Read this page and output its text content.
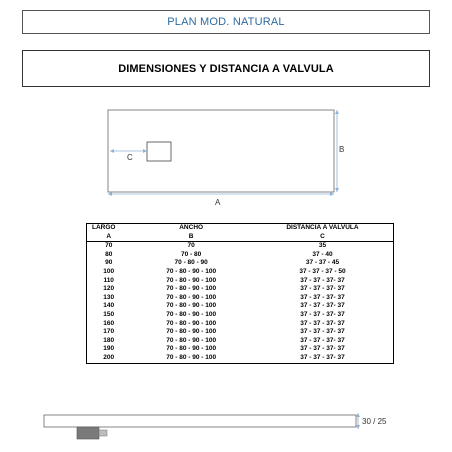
PLAN MOD. NATURAL
DIMENSIONES Y DISTANCIA A VALVULA
C
A
B
LARGO	ANCHO	DISTANCIA A VALVULA
A	B	C
70	70	35
80	70 - 80	37 - 40
90	70 - 80 - 90	37 - 37 - 45
100	70 - 80 - 90 - 100	37 - 37 - 37 - 50
110	70 - 80 - 90 - 100	37 - 37 - 37- 37
120	70 - 80 - 90 - 100	37 - 37 - 37- 37
130	70 - 80 - 90 - 100	37 - 37 - 37- 37
140	70 - 80 - 90 - 100	37 - 37 - 37- 37
150	70 - 80 - 90 - 100	37 - 37 - 37- 37
160	70 - 80 - 90 - 100	37 - 37 - 37- 37
170	70 - 80 - 90 - 100	37 - 37 - 37- 37
180	70 - 80 - 90 - 100	37 - 37 - 37- 37
190	70 - 80 - 90 - 100	37 - 37 - 37- 37
200	70 - 80 - 90 - 100	37 - 37 - 37- 37
30 / 25
